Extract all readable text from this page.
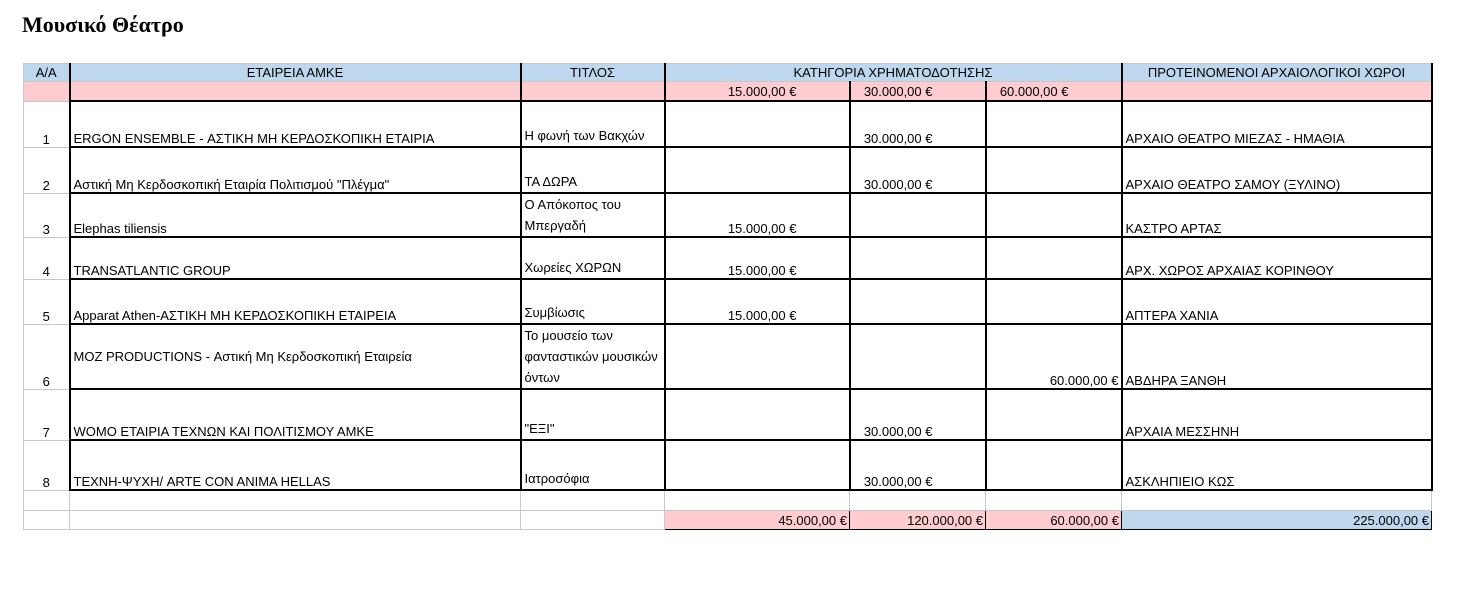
Μουσικό Θέατρο
Α/Α	ΕΤΑΙΡΕΙΑ ΑΜΚΕ	ΤΙΤΛΟΣ	ΚΑΤΗΓΟΡΙΑ ΧΡΗΜΑΤΟΔΟΤΗΣΗΣ			ΠΡΟΤΕΙΝΟΜΕΝΟΙ ΑΡΧΑΙΟΛΟΓΙΚΟΙ ΧΩΡΟΙ
			15.000,00 €	30.000,00 €	60.000,00 €	
1	ERGON ENSEMBLE - ΑΣΤΙΚΗ ΜΗ ΚΕΡΔΟΣΚΟΠΙΚΗ ΕΤΑΙΡΙΑ	Η φωνή των Βακχών		30.000,00 €		ΑΡΧΑΙΟ ΘΕΑΤΡΟ ΜΙΕΖΑΣ - ΗΜΑΘΙΑ
2	Αστική Μη Κερδοσκοπική Εταιρία Πολιτισμού "Πλέγμα"	ΤΑ ΔΩΡΑ		30.000,00 €		ΑΡΧΑΙΟ ΘΕΑΤΡΟ ΣΑΜΟΥ (ΞΥΛΙΝΟ)
3	Elephas tiliensis	Ο Απόκοπος του Μπεργαδή	15.000,00 €			ΚΑΣΤΡΟ ΑΡΤΑΣ
4	TRANSATLANTIC GROUP	Χωρείες ΧΩΡΩΝ	15.000,00 €			ΑΡΧ. ΧΩΡΟΣ ΑΡΧΑΙΑΣ ΚΟΡΙΝΘΟΥ
5	Apparat Athen-ΑΣΤΙΚΗ ΜΗ ΚΕΡΔΟΣΚΟΠΙΚΗ ΕΤΑΙΡΕΙΑ	Συμβίωσις	15.000,00 €			ΑΠΤΕΡΑ ΧΑΝΙΑ
6	MOZ PRODUCTIONS - Αστική Μη Κερδοσκοπική Εταιρεία	Το μουσείο των φανταστικών μουσικών όντων			60.000,00 €	ΑΒΔΗΡΑ ΞΑΝΘΗ
7	WOMO ΕΤΑΙΡΙΑ ΤΕΧΝΩΝ ΚΑΙ ΠΟΛΙΤΙΣΜΟΥ ΑΜΚΕ	"ΕΞΙ"		30.000,00 €		ΑΡΧΑΙΑ ΜΕΣΣΗΝΗ
8	ΤΕΧΝΗ-ΨΥΧΗ/ ARTE CON ANIMA HELLAS	Ιατροσόφια		30.000,00 €		ΑΣΚΛΗΠΙΕΙΟ ΚΩΣ

			45.000,00 €	120.000,00 €	60.000,00 €	225.000,00 €
